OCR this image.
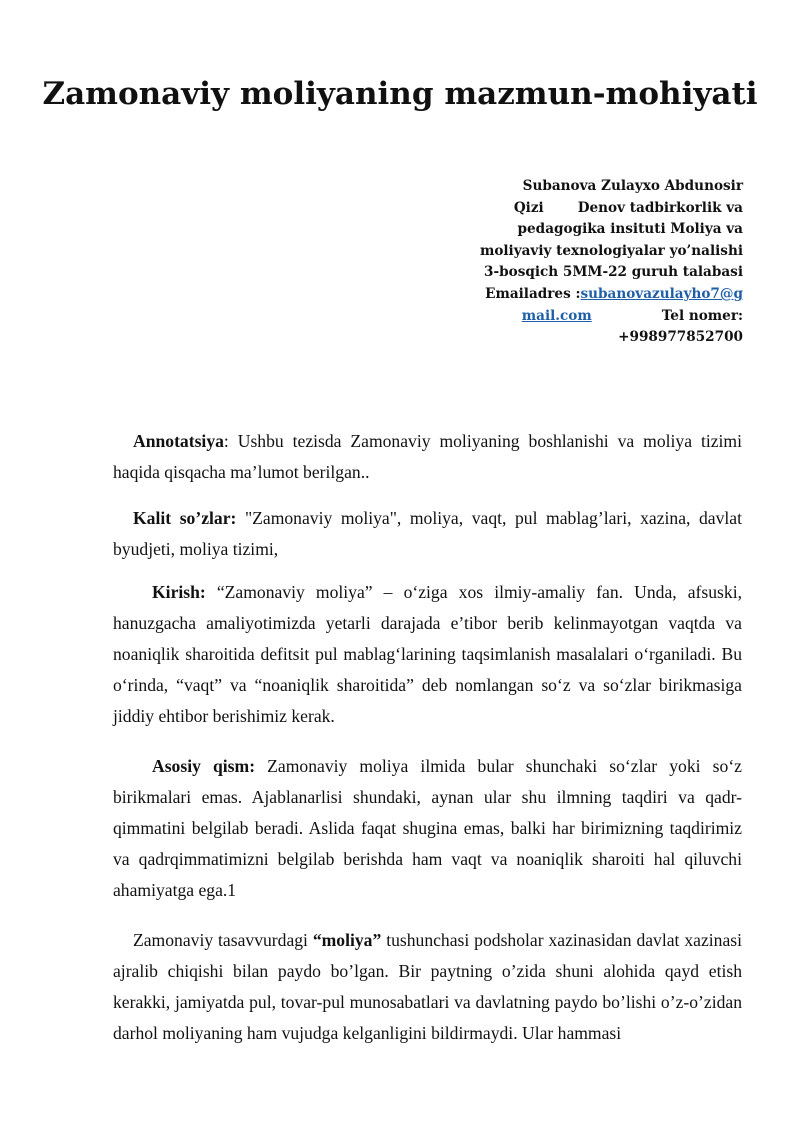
Zamonaviy moliyaning mazmun-mohiyati
Subanova Zulayxo Abdunosir
Qizi	Denov tadbirkorlik va
pedagogika insituti Moliya va
moliyaviy texnologiyalar yo’nalishi
3-bosqich 5MM-22 guruh talabasi
Emailadres :subanovazulayho7@g
mail.com	Tel nomer:
+998977852700

Annotatsiya: Ushbu tezisda Zamonaviy moliyaning boshlanishi va moliya tizimi haqida qisqacha ma’lumot berilgan..

Kalit so’zlar: "Zamonaviy moliya", moliya, vaqt, pul mablag’lari, xazina, davlat byudjeti, moliya tizimi,

Kirish: “Zamonaviy moliya” – o‘ziga xos ilmiy-amaliy fan. Unda, afsuski, hanuzgacha amaliyotimizda yetarli darajada e’tibor berib kelinmayotgan vaqtda va noaniqlik sharoitida defitsit pul mablag‘larining taqsimlanish masalalari o‘rganiladi. Bu o‘rinda, “vaqt” va “noaniqlik sharoitida” deb nomlangan so‘z va so‘zlar birikmasiga jiddiy ehtibor berishimiz kerak.

Asosiy qism: Zamonaviy moliya ilmida bular shunchaki so‘zlar yoki so‘z birikmalari emas. Ajablanarlisi shundaki, aynan ular shu ilmning taqdiri va qadr-qimmatini belgilab beradi. Aslida faqat shugina emas, balki har birimizning taqdirimiz va qadrqimmatimizni belgilab berishda ham vaqt va noaniqlik sharoiti hal qiluvchi ahamiyatga ega.1

Zamonaviy tasavvurdagi “moliya” tushunchasi podsholar xazinasidan davlat xazinasi ajralib chiqishi bilan paydo bo’lgan. Bir paytning o’zida shuni alohida qayd etish kerakki, jamiyatda pul, tovar-pul munosabatlari va davlatning paydo bo’lishi o’z-o’zidan darhol moliyaning ham vujudga kelganligini bildirmaydi. Ular hammasi
